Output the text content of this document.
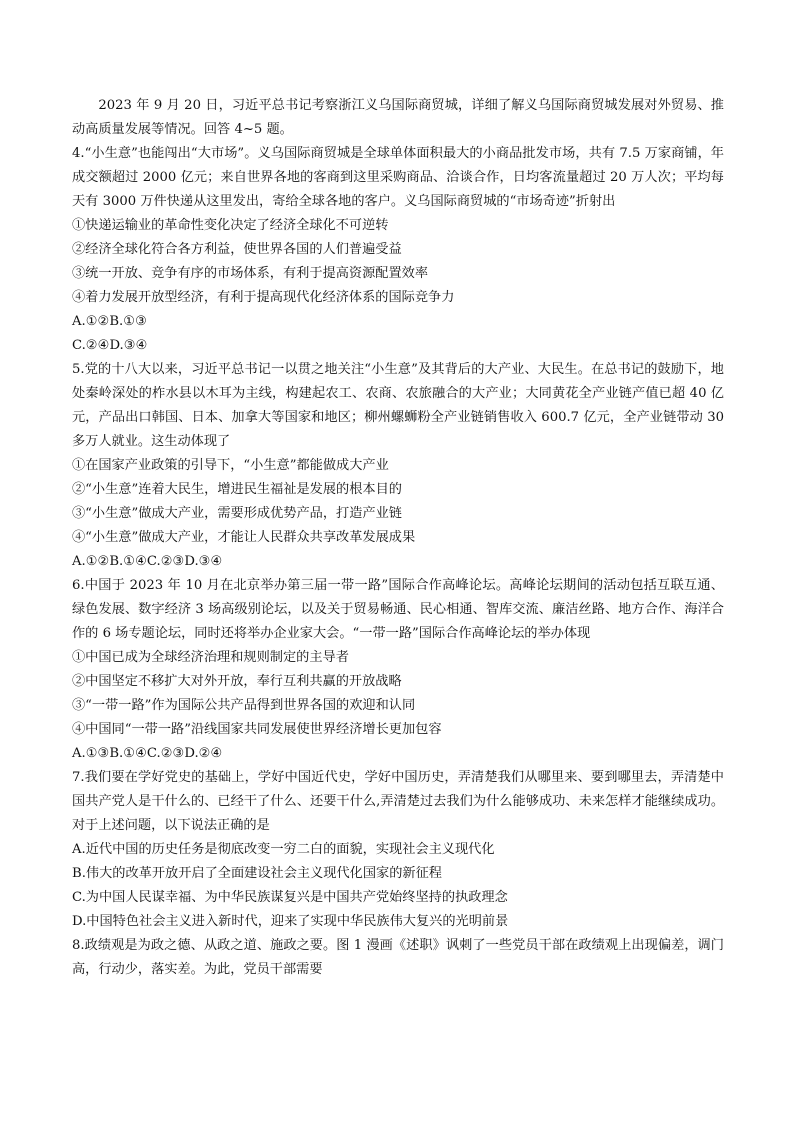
2023 年 9 月 20 日，习近平总书记考察浙江义乌国际商贸城，详细了解义乌国际商贸城发展对外贸易、推动高质量发展等情况。回答 4~5 题。

4.“小生意”也能闯出“大市场”。义乌国际商贸城是全球单体面积最大的小商品批发市场，共有 7.5 万家商铺，年成交额超过 2000 亿元；来自世界各地的客商到这里采购商品、洽谈合作，日均客流量超过 20 万人次；平均每天有 3000 万件快递从这里发出，寄给全球各地的客户。义乌国际商贸城的“市场奇迹”折射出

①快递运输业的革命性变化决定了经济全球化不可逆转

②经济全球化符合各方利益，使世界各国的人们普遍受益

③统一开放、竞争有序的市场体系，有利于提高资源配置效率

④着力发展开放型经济，有利于提高现代化经济体系的国际竞争力

A.①②B.①③

C.②④D.③④

5.党的十八大以来，习近平总书记一以贯之地关注“小生意”及其背后的大产业、大民生。在总书记的鼓励下，地处秦岭深处的柞水县以木耳为主线，构建起农工、农商、农旅融合的大产业；大同黄花全产业链产值已超 40 亿元，产品出口韩国、日本、加拿大等国家和地区；柳州螺蛳粉全产业链销售收入 600.7 亿元，全产业链带动 30 多万人就业。这生动体现了

①在国家产业政策的引导下，“小生意”都能做成大产业

②“小生意”连着大民生，增进民生福祉是发展的根本目的

③“小生意”做成大产业，需要形成优势产品，打造产业链

④“小生意”做成大产业，才能让人民群众共享改革发展成果

A.①②B.①④C.②③D.③④

6.中国于 2023 年 10 月在北京举办第三届一带一路”国际合作高峰论坛。高峰论坛期间的活动包括互联互通、绿色发展、数字经济 3 场高级别论坛，以及关于贸易畅通、民心相通、智库交流、廉洁丝路、地方合作、海洋合作的 6 场专题论坛，同时还将举办企业家大会。“一带一路”国际合作高峰论坛的举办体现

①中国已成为全球经济治理和规则制定的主导者

②中国坚定不移扩大对外开放，奉行互利共赢的开放战略

③“一带一路”作为国际公共产品得到世界各国的欢迎和认同

④中国同“一带一路”沿线国家共同发展使世界经济增长更加包容

A.①③B.①④C.②③D.②④

7.我们要在学好党史的基础上，学好中国近代史，学好中国历史，弄清楚我们从哪里来、要到哪里去，弄清楚中国共产党人是干什么的、已经干了什么、还要干什么,弄清楚过去我们为什么能够成功、未来怎样才能继续成功。对于上述问题，以下说法正确的是

A.近代中国的历史任务是彻底改变一穷二白的面貌，实现社会主义现代化

B.伟大的改革开放开启了全面建设社会主义现代化国家的新征程

C.为中国人民谋幸福、为中华民族谋复兴是中国共产党始终坚持的执政理念

D.中国特色社会主义进入新时代，迎来了实现中华民族伟大复兴的光明前景

8.政绩观是为政之德、从政之道、施政之要。图 1 漫画《述职》讽刺了一些党员干部在政绩观上出现偏差，调门高，行动少，落实差。为此，党员干部需要
